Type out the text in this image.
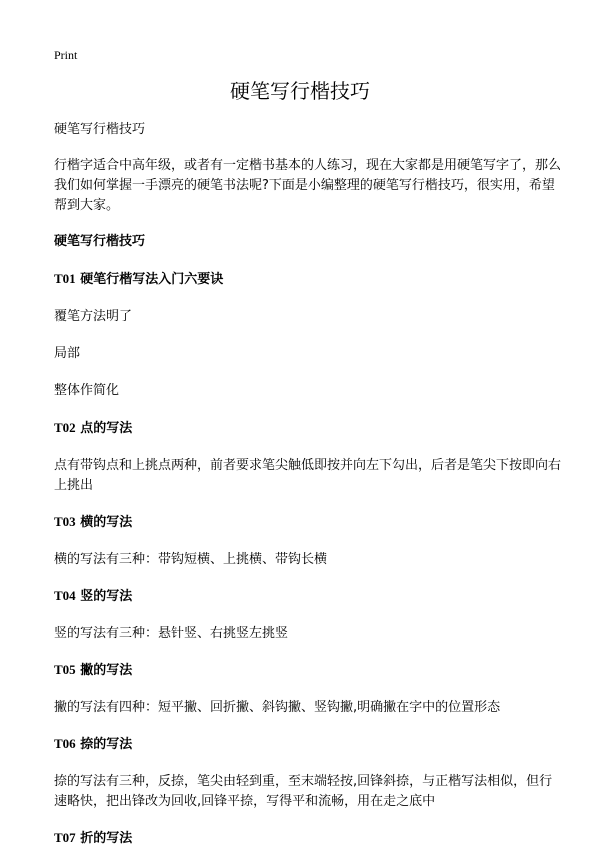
Print
硬笔写行楷技巧

硬笔写行楷技巧

行楷字适合中高年级，或者有一定楷书基本的人练习，现在大家都是用硬笔写字了，那么我们如何掌握一手漂亮的硬笔书法呢?下面是小编整理的硬笔写行楷技巧，很实用，希望帮到大家。

硬笔写行楷技巧
T01 硬笔行楷写法入门六要诀
覆笔方法明了
局部
整体作简化
T02 点的写法

点有带钩点和上挑点两种，前者要求笔尖触低即按并向左下勾出，后者是笔尖下按即向右上挑出

T03 横的写法

横的写法有三种：带钩短横、上挑横、带钩长横

T04 竖的写法

竖的写法有三种：悬针竖、右挑竖左挑竖

T05 撇的写法

撇的写法有四种：短平撇、回折撇、斜钩撇、竖钩撇,明确撇在字中的位置形态

T06 捺的写法

捺的写法有三种，反捺，笔尖由轻到重，至末端轻按,回锋斜捺，与正楷写法相似，但行速略快，把出锋改为回收,回锋平捺，写得平和流畅，用在走之底中

T07 折的写法
